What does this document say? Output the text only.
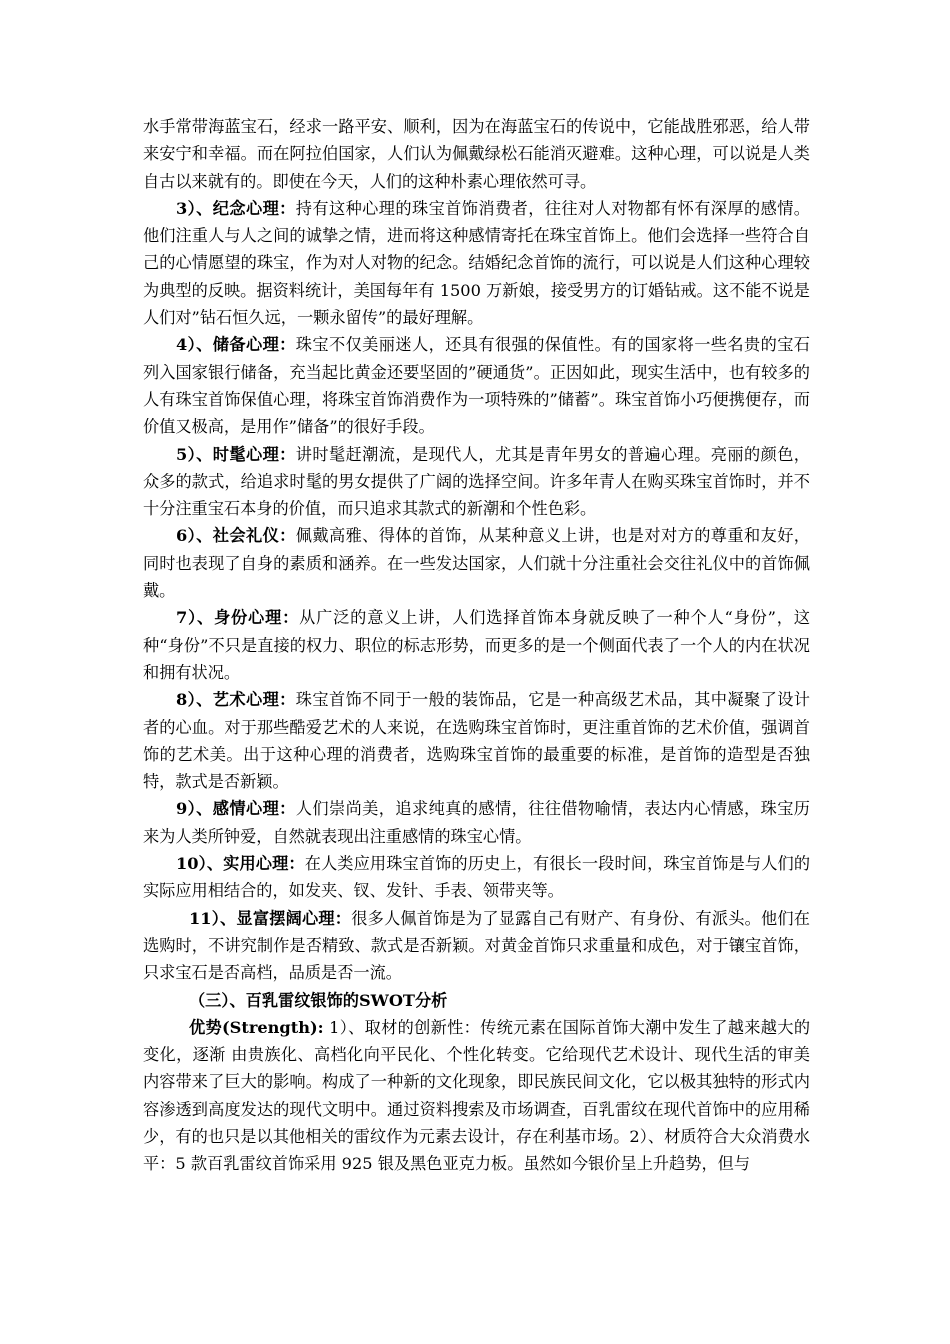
水手常带海蓝宝石，经求一路平安、顺利，因为在海蓝宝石的传说中，它能战胜邪恶，给人带来安宁和幸福。而在阿拉伯国家，人们认为佩戴绿松石能消灭避难。这种心理，可以说是人类自古以来就有的。即使在今天，人们的这种朴素心理依然可寻。

3）、纪念心理：持有这种心理的珠宝首饰消费者，往往对人对物都有怀有深厚的感情。他们注重人与人之间的诚挚之情，进而将这种感情寄托在珠宝首饰上。他们会选择一些符合自己的心情愿望的珠宝，作为对人对物的纪念。结婚纪念首饰的流行，可以说是人们这种心理较为典型的反映。据资料统计，美国每年有 1500 万新娘，接受男方的订婚钻戒。这不能不说是人们对”钻石恒久远，一颗永留传”的最好理解。

4）、储备心理：珠宝不仅美丽迷人，还具有很强的保值性。有的国家将一些名贵的宝石列入国家银行储备，充当起比黄金还要坚固的”硬通货”。正因如此，现实生活中，也有较多的人有珠宝首饰保值心理，将珠宝首饰消费作为一项特殊的”储蓄”。珠宝首饰小巧便携便存，而价值又极高，是用作”储备”的很好手段。

5）、时髦心理：讲时髦赶潮流，是现代人，尤其是青年男女的普遍心理。亮丽的颜色，众多的款式，给追求时髦的男女提供了广阔的选择空间。许多年青人在购买珠宝首饰时，并不十分注重宝石本身的价值，而只追求其款式的新潮和个性色彩。

6）、社会礼仪：佩戴高雅、得体的首饰，从某种意义上讲，也是对对方的尊重和友好，同时也表现了自身的素质和涵养。在一些发达国家，人们就十分注重社会交往礼仪中的首饰佩戴。

7）、身份心理：从广泛的意义上讲，人们选择首饰本身就反映了一种个人“身份”，这种“身份”不只是直接的权力、职位的标志形势，而更多的是一个侧面代表了一个人的内在状况和拥有状况。

8）、艺术心理：珠宝首饰不同于一般的装饰品，它是一种高级艺术品，其中凝聚了设计者的心血。对于那些酷爱艺术的人来说，在选购珠宝首饰时，更注重首饰的艺术价值，强调首饰的艺术美。出于这种心理的消费者，选购珠宝首饰的最重要的标准，是首饰的造型是否独特，款式是否新颖。

9）、感情心理：人们崇尚美，追求纯真的感情，往往借物喻情，表达内心情感，珠宝历来为人类所钟爱，自然就表现出注重感情的珠宝心情。

10）、实用心理：在人类应用珠宝首饰的历史上，有很长一段时间，珠宝首饰是与人们的实际应用相结合的，如发夹、钗、发针、手表、领带夹等。

11）、显富摆阔心理：很多人佩首饰是为了显露自己有财产、有身份、有派头。他们在选购时，不讲究制作是否精致、款式是否新颖。对黄金首饰只求重量和成色，对于镶宝首饰，只求宝石是否高档，品质是否一流。

（三）、百乳雷纹银饰的SWOT分析

优势(Strength): 1）、取材的创新性：传统元素在国际首饰大潮中发生了越来越大的变化，逐渐 由贵族化、高档化向平民化、个性化转变。它给现代艺术设计、现代生活的审美内容带来了巨大的影响。构成了一种新的文化现象，即民族民间文化，它以极其独特的形式内容渗透到高度发达的现代文明中。通过资料搜索及市场调查，百乳雷纹在现代首饰中的应用稀少，有的也只是以其他相关的雷纹作为元素去设计，存在利基市场。2）、材质符合大众消费水平：5 款百乳雷纹首饰采用 925 银及黑色亚克力板。虽然如今银价呈上升趋势，但与
